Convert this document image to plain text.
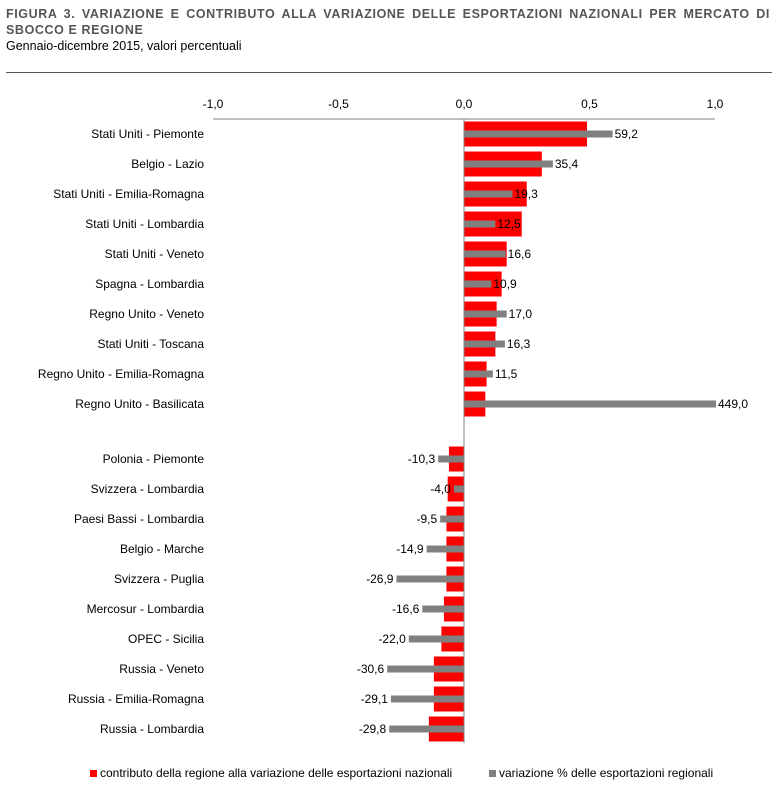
FIGURA 3. VARIAZIONE E CONTRIBUTO ALLA VARIAZIONE DELLE ESPORTAZIONI NAZIONALI PER MERCATO DI SBOCCO E REGIONE

Gennaio-dicembre 2015, valori percentuali

-1,0	-0,5	0,0	0,5	1,0
Stati Uniti - Piemonte	59,2
Belgio - Lazio	35,4
Stati Uniti - Emilia-Romagna	19,3
Stati Uniti - Lombardia	12,5
Stati Uniti - Veneto	16,6
Spagna - Lombardia	10,9
Regno Unito - Veneto	17,0
Stati Uniti - Toscana	16,3
Regno Unito - Emilia-Romagna	11,5
Regno Unito - Basilicata	449,0
Polonia - Piemonte	-10,3
Svizzera - Lombardia	-4,0
Paesi Bassi - Lombardia	-9,5
Belgio - Marche	-14,9
Svizzera - Puglia	-26,9
Mercosur - Lombardia	-16,6
OPEC - Sicilia	-22,0
Russia - Veneto	-30,6
Russia - Emilia-Romagna	-29,1
Russia - Lombardia	-29,8
contributo della regione alla variazione delle esportazioni nazionali	variazione % delle esportazioni regionali
